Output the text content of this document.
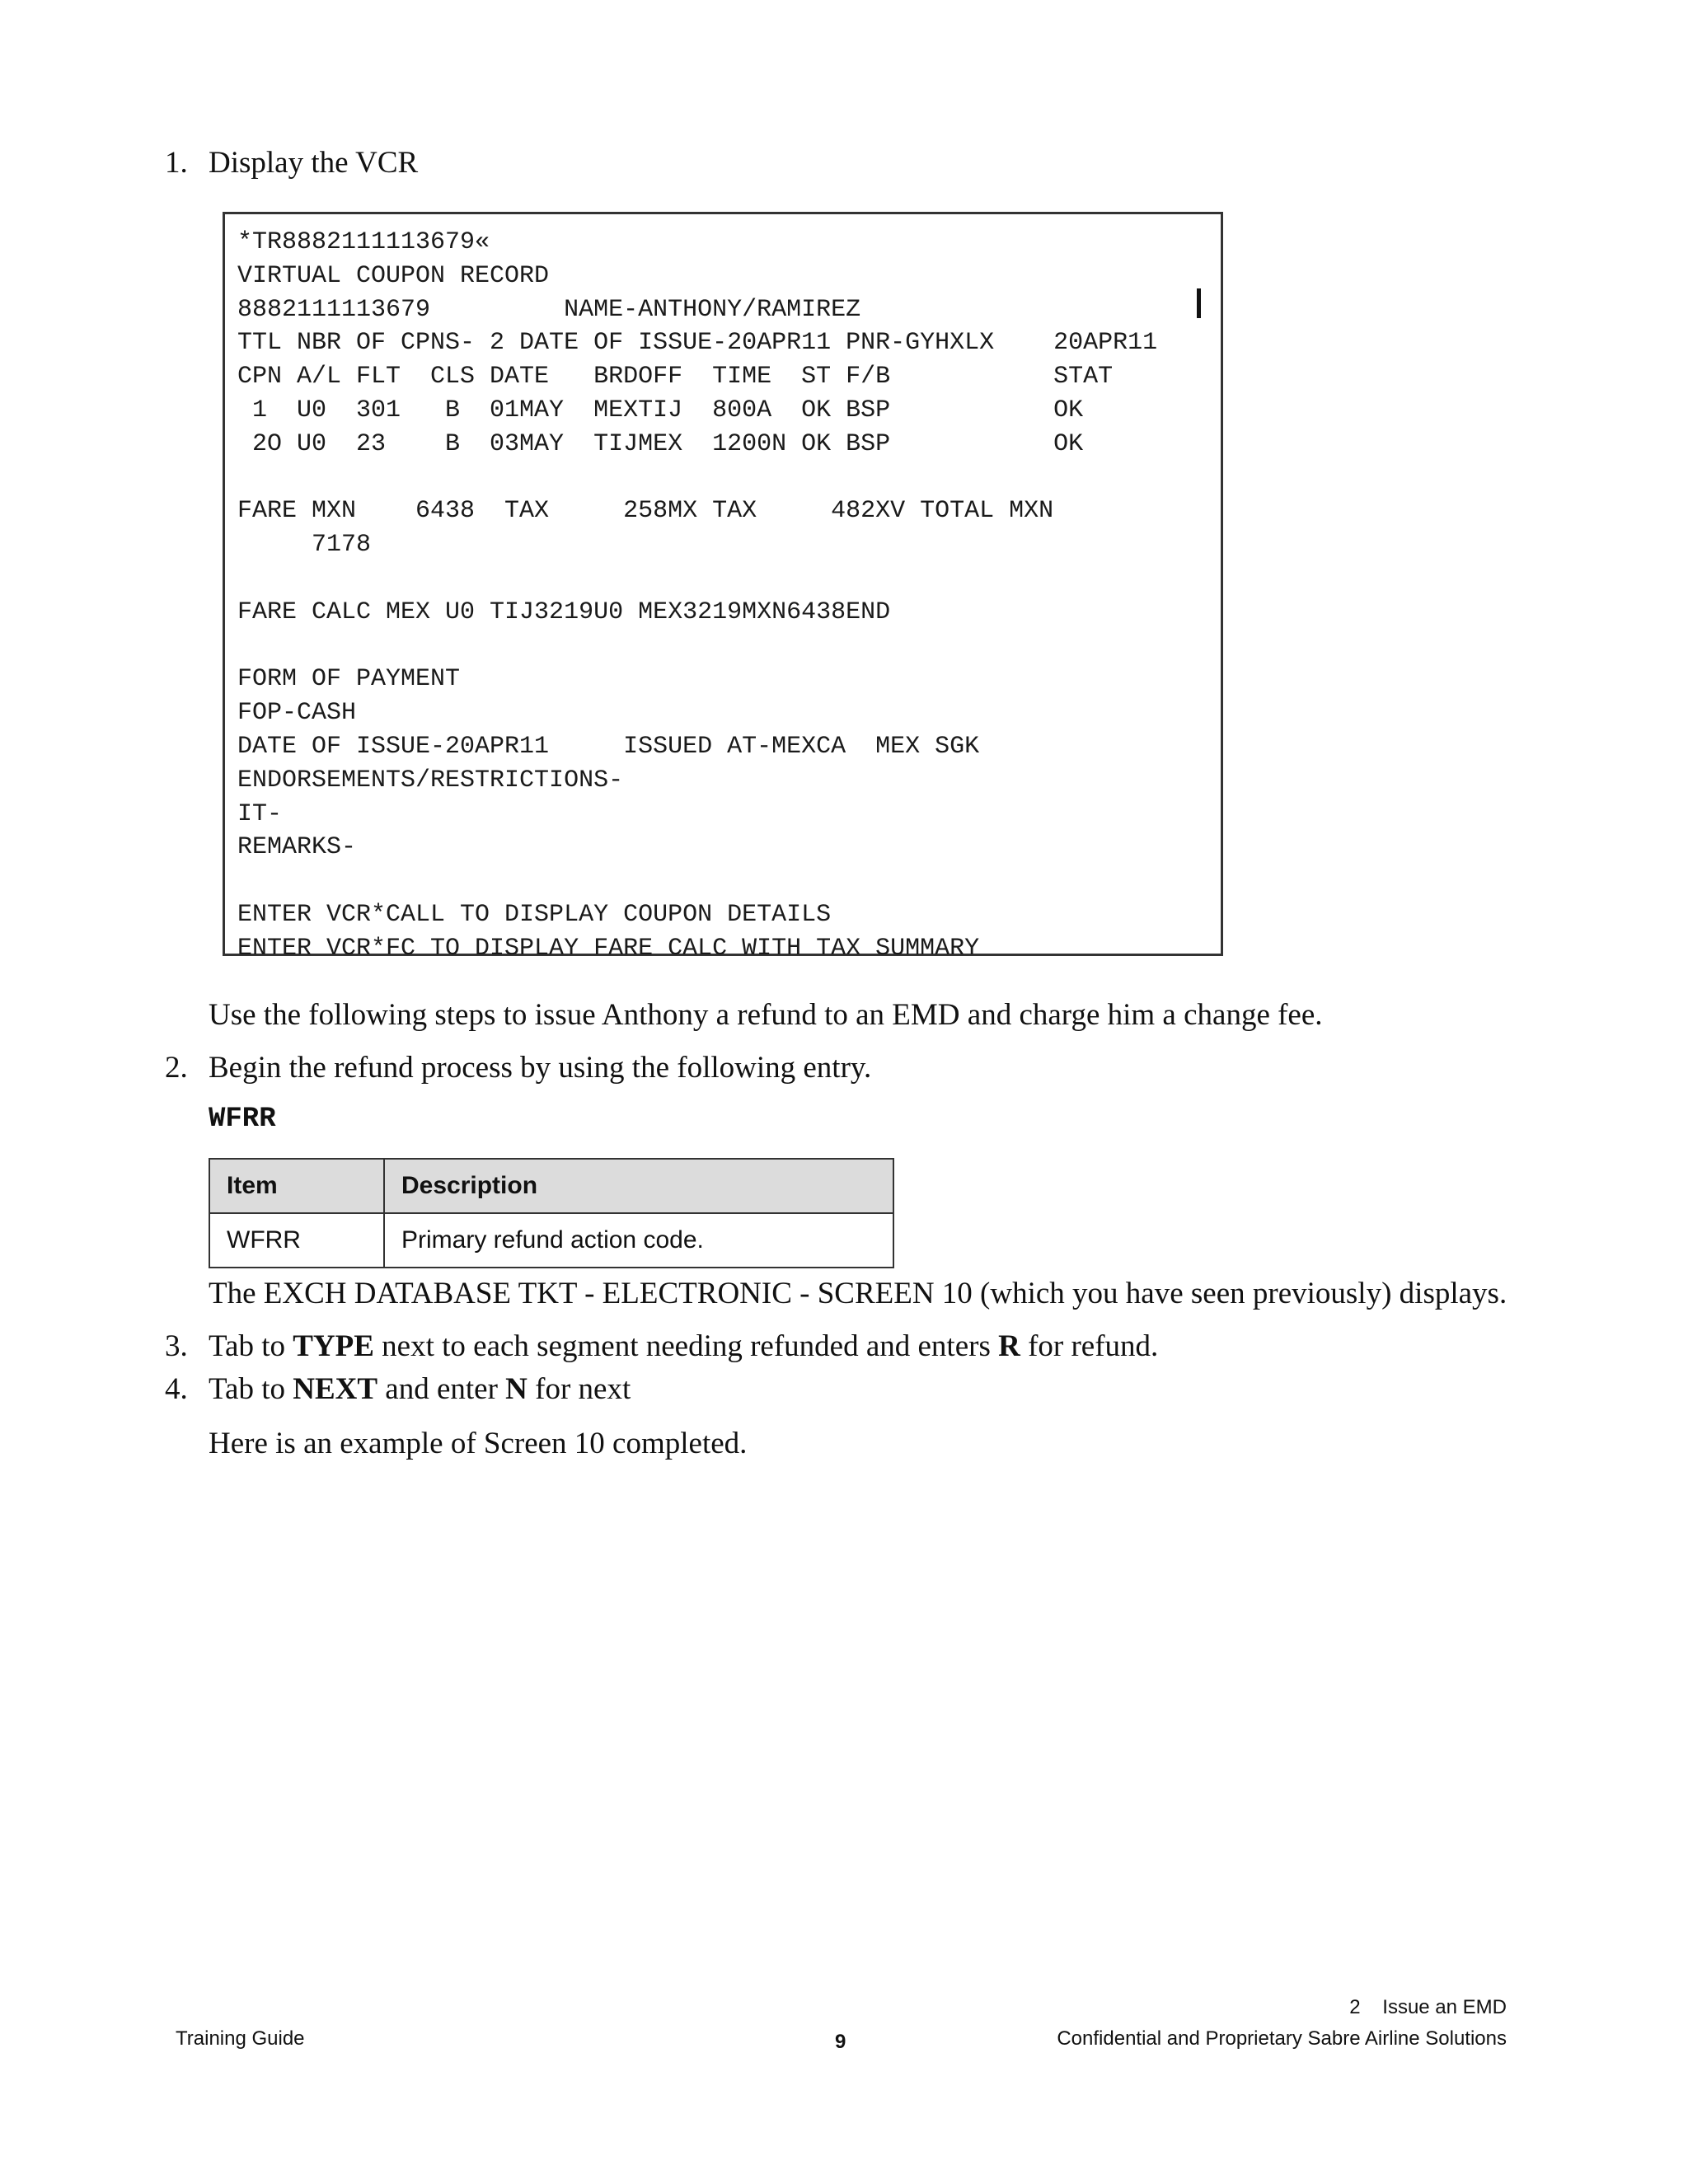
1. Display the VCR
*TR8882111113679«
VIRTUAL COUPON RECORD
8882111113679         NAME-ANTHONY/RAMIREZ
TTL NBR OF CPNS- 2 DATE OF ISSUE-20APR11 PNR-GYHXLX    20APR11
CPN A/L FLT  CLS DATE   BRDOFF  TIME  ST F/B           STAT
1  U0  301   B  01MAY  MEXTIJ  800A  OK BSP           OK
2O U0  23    B  03MAY  TIJMEX  1200N OK BSP           OK
FARE MXN    6438  TAX     258MX TAX     482XV TOTAL MXN
7178
FARE CALC MEX U0 TIJ3219U0 MEX3219MXN6438END
FORM OF PAYMENT
FOP-CASH
DATE OF ISSUE-20APR11     ISSUED AT-MEXCA  MEX SGK
ENDORSEMENTS/RESTRICTIONS-
IT-
REMARKS-
ENTER VCR*CALL TO DISPLAY COUPON DETAILS
ENTER VCR*FC TO DISPLAY FARE CALC WITH TAX SUMMARY
Use the following steps to issue Anthony a refund to an EMD and charge him a change fee.
2. Begin the refund process by using the following entry.
WFRR
Item	Description
WFRR	Primary refund action code.
The EXCH DATABASE TKT - ELECTRONIC - SCREEN 10 (which you have seen previously) displays.
3. Tab to TYPE next to each segment needing refunded and enters R for refund.
4. Tab to NEXT and enter N for next
Here is an example of Screen 10 completed.
2    Issue an EMD
Training Guide	9	Confidential and Proprietary Sabre Airline Solutions
